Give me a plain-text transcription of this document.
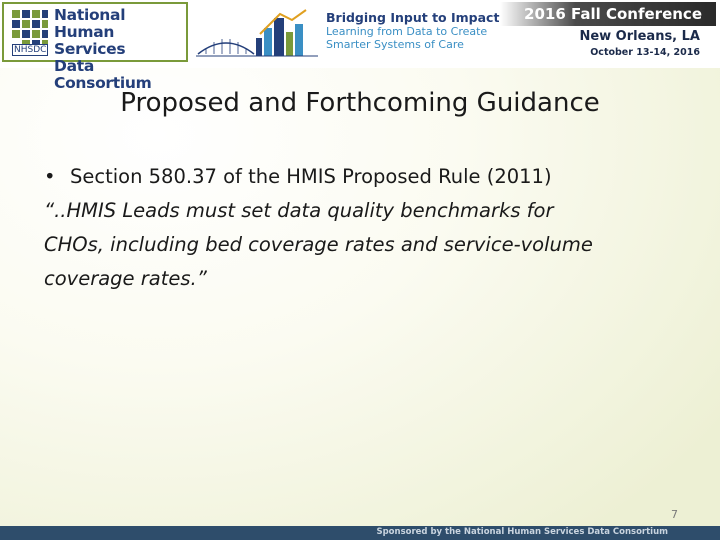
NHSDC
National
Human Services
Data Consortium
Bridging Input to Impact
Learning from Data to Create
Smarter Systems of Care
2016 Fall Conference
New Orleans, LA
October 13-14, 2016
Proposed and Forthcoming Guidance
• Section 580.37 of the HMIS Proposed Rule (2011)
“..HMIS Leads must set data quality benchmarks for
CHOs, including bed coverage rates and service-volume
coverage rates.”
7
Sponsored by the National Human Services Data Consortium
